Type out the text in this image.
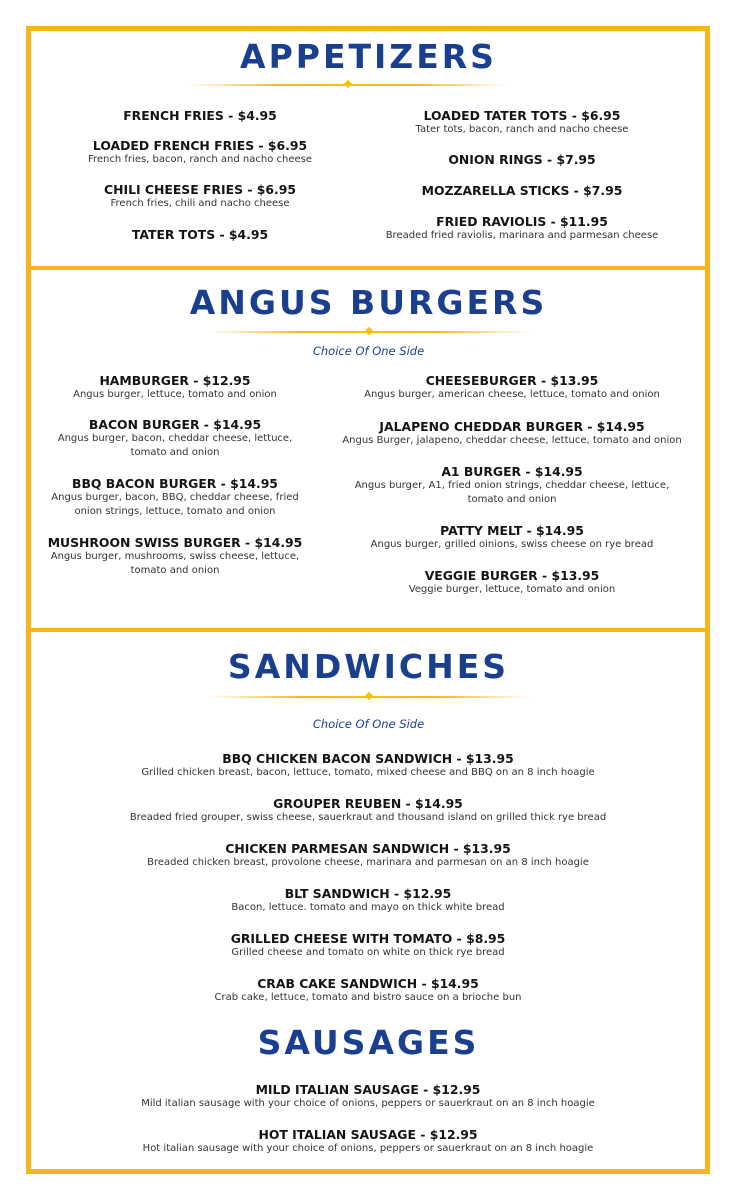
APPETIZERS
FRENCH FRIES - $4.95
LOADED FRENCH FRIES - $6.95
French fries, bacon, ranch and nacho cheese
CHILI CHEESE FRIES - $6.95
French fries, chili and nacho cheese
TATER TOTS - $4.95
LOADED TATER TOTS - $6.95
Tater tots, bacon, ranch and nacho cheese
ONION RINGS - $7.95
MOZZARELLA STICKS - $7.95
FRIED RAVIOLIS - $11.95
Breaded fried raviolis, marinara and parmesan cheese
ANGUS BURGERS
Choice Of One Side
HAMBURGER - $12.95
Angus burger, lettuce, tomato and onion
BACON BURGER - $14.95
Angus burger, bacon, cheddar cheese, lettuce, tomato and onion
BBQ BACON BURGER - $14.95
Angus burger, bacon, BBQ, cheddar cheese, fried onion strings, lettuce, tomato and onion
MUSHROON SWISS BURGER - $14.95
Angus burger, mushrooms, swiss cheese, lettuce, tomato and onion
CHEESEBURGER - $13.95
Angus burger, american cheese, lettuce, tomato and onion
JALAPENO CHEDDAR BURGER - $14.95
Angus Burger, jalapeno, cheddar cheese, lettuce, tomato and onion
A1 BURGER - $14.95
Angus burger, A1, fried onion strings, cheddar cheese, lettuce, tomato and onion
PATTY MELT - $14.95
Angus burger, grilled oinions, swiss cheese on rye bread
VEGGIE BURGER - $13.95
Veggie burger, lettuce, tomato and onion
SANDWICHES
Choice Of One Side
BBQ CHICKEN BACON SANDWICH - $13.95
Grilled chicken breast, bacon, lettuce, tomato, mixed cheese and BBQ on an 8 inch hoagie
GROUPER REUBEN - $14.95
Breaded fried grouper, swiss cheese, sauerkraut and thousand island on grilled thick rye bread
CHICKEN PARMESAN SANDWICH - $13.95
Breaded chicken breast, provolone cheese, marinara and parmesan on an 8 inch hoagie
BLT SANDWICH - $12.95
Bacon, lettuce. tomato and mayo on thick white bread
GRILLED CHEESE WITH TOMATO - $8.95
Grilled cheese and tomato on white on thick rye bread
CRAB CAKE SANDWICH - $14.95
Crab cake, lettuce, tomato and bistro sauce on a brioche bun
SAUSAGES
MILD ITALIAN SAUSAGE - $12.95
Mild italian sausage with your choice of onions, peppers or sauerkraut on an 8 inch hoagie
HOT ITALIAN SAUSAGE - $12.95
Hot italian sausage with your choice of onions, peppers or sauerkraut on an 8 inch hoagie
